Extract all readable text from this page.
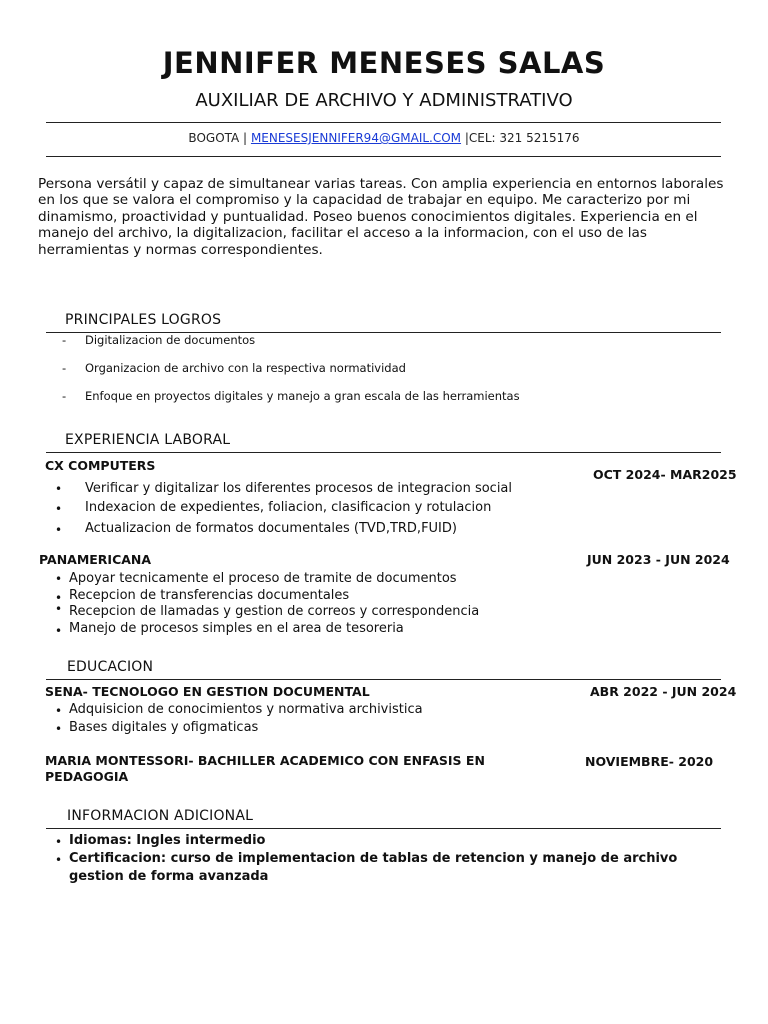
JENNIFER MENESES SALAS
AUXILIAR DE ARCHIVO Y ADMINISTRATIVO
BOGOTA | MENESESJENNIFER94@GMAIL.COM |CEL: 321 5215176
Persona versátil y capaz de simultanear varias tareas. Con amplia experiencia en entornos laborales en los que se valora el compromiso y la capacidad de trabajar en equipo. Me caracterizo por mi dinamismo, proactividad y puntualidad. Poseo buenos conocimientos digitales. Experiencia en el manejo del archivo, la digitalizacion, facilitar el acceso a la informacion, con el uso de las herramientas y normas correspondientes.
PRINCIPALES LOGROS
- Digitalizacion de documentos
- Organizacion de archivo con la respectiva normatividad
- Enfoque en proyectos digitales y manejo a gran escala de las herramientas
EXPERIENCIA LABORAL
CX COMPUTERS
OCT 2024- MAR2025
• Verificar y digitalizar los diferentes procesos de integracion social
• Indexacion de expedientes, foliacion, clasificacion y rotulacion
• Actualizacion de formatos documentales (TVD,TRD,FUID)
PANAMERICANA	JUN 2023 - JUN 2024
• Apoyar tecnicamente el proceso de tramite de documentos
• Recepcion de transferencias documentales
• Recepcion de llamadas y gestion de correos y correspondencia
• Manejo de procesos simples en el area de tesoreria
EDUCACION
SENA- TECNOLOGO EN GESTION DOCUMENTAL	ABR 2022 - JUN 2024
• Adquisicion de conocimientos y normativa archivistica
• Bases digitales y ofigmaticas
MARIA MONTESSORI- BACHILLER ACADEMICO CON ENFASIS EN
PEDAGOGIA
NOVIEMBRE- 2020
INFORMACION ADICIONAL
• Idiomas: Ingles intermedio
• Certificacion: curso de implementacion de tablas de retencion y manejo de archivo
gestion de forma avanzada
